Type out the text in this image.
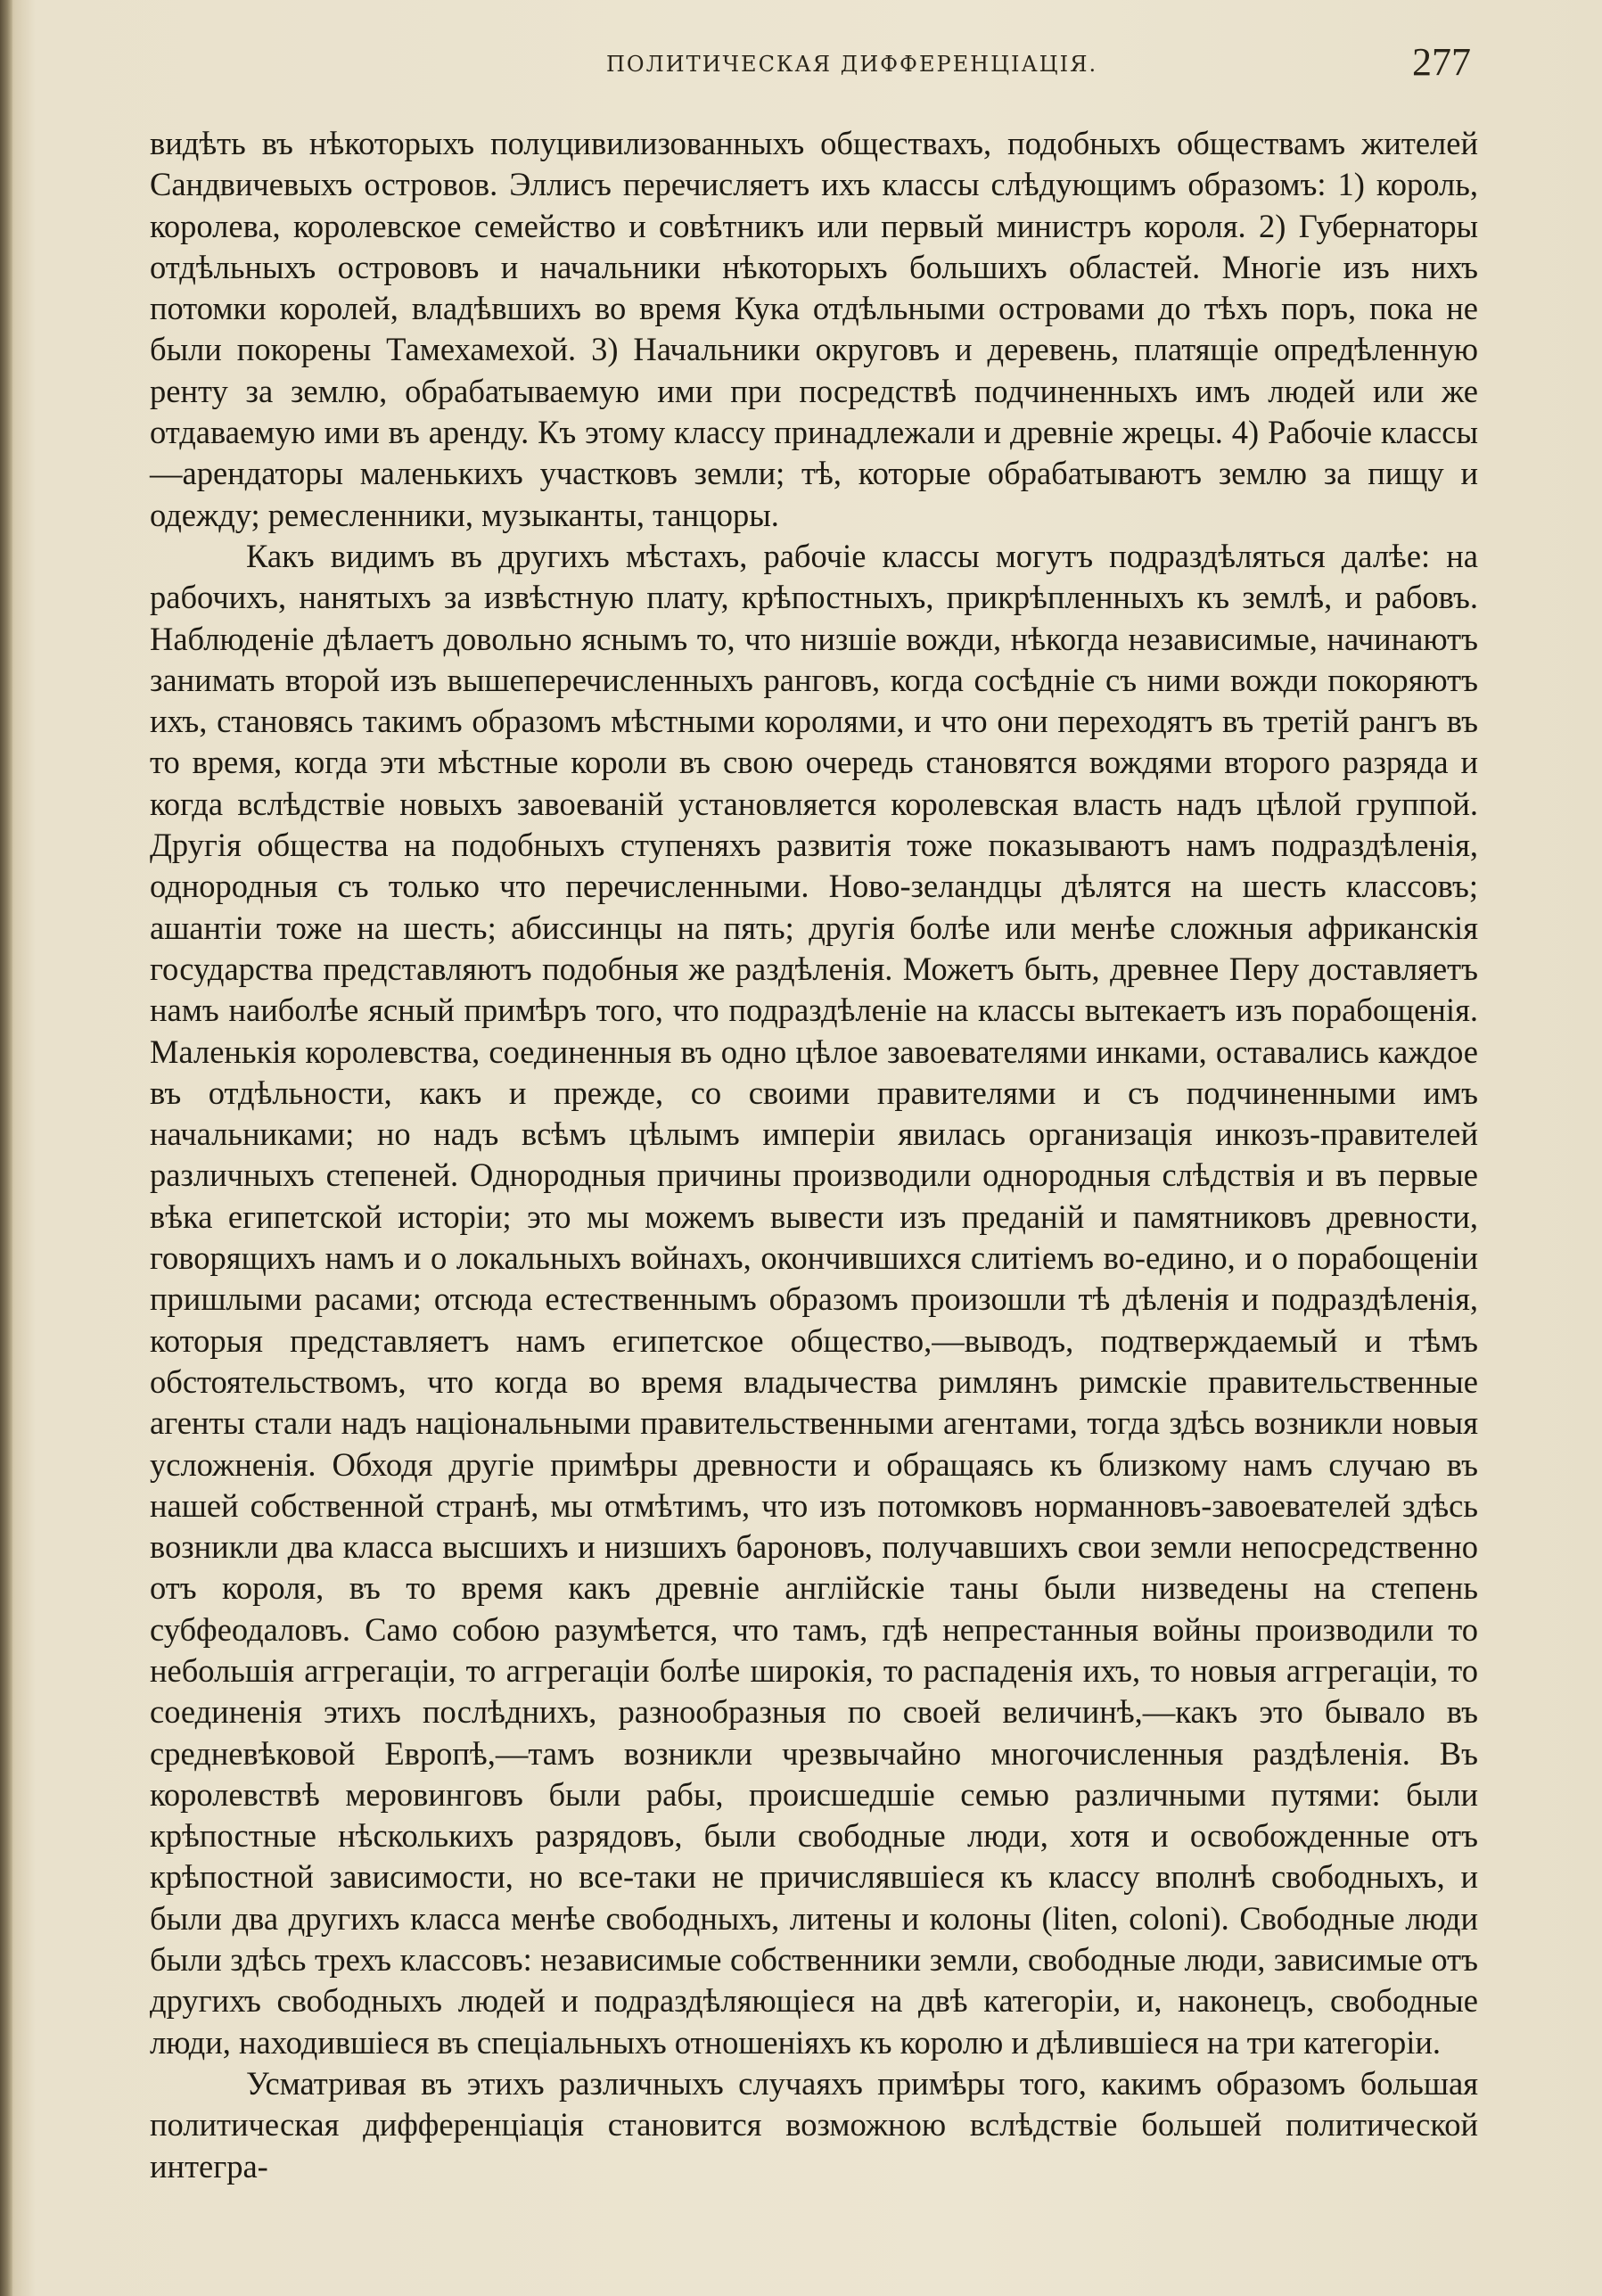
ПОЛИТИЧЕСКАЯ ДИФФЕРЕНЦІАЦІЯ.	277

видѣть въ нѣкоторыхъ полуцивилизованныхъ обществахъ, подобныхъ обществамъ жителей Сандвичевыхъ островов. Эллисъ перечисляетъ ихъ классы слѣдующимъ образомъ: 1) король, королева, королевское семейство и совѣтникъ или первый министръ короля. 2) Губернаторы отдѣльныхъ острововъ и начальники нѣкоторыхъ большихъ областей. Многіе изъ нихъ потомки королей, владѣвшихъ во время Кука отдѣльными островами до тѣхъ поръ, пока не были покорены Тамехамехой. 3) Начальники округовъ и деревень, платящіе опредѣленную ренту за землю, обрабатываемую ими при посредствѣ подчиненныхъ имъ людей или же отдаваемую ими въ аренду. Къ этому классу принадлежали и древніе жрецы. 4) Рабочіе классы—арендаторы маленькихъ участковъ земли; тѣ, которые обрабатываютъ землю за пищу и одежду; ремесленники, музыканты, танцоры.

Какъ видимъ въ другихъ мѣстахъ, рабочіе классы могутъ подраздѣляться далѣе: на рабочихъ, нанятыхъ за извѣстную плату, крѣпостныхъ, прикрѣпленныхъ къ землѣ, и рабовъ. Наблюденіе дѣлаетъ довольно яснымъ то, что низшіе вожди, нѣкогда независимые, начинаютъ занимать второй изъ вышеперечисленныхъ ранговъ, когда сосѣдніе съ ними вожди покоряютъ ихъ, становясь такимъ образомъ мѣстными королями, и что они переходятъ въ третій рангъ въ то время, когда эти мѣстные короли въ свою очередь становятся вождями второго разряда и когда вслѣдствіе новыхъ завоеваній установляется королевская власть надъ цѣлой группой. Другія общества на подобныхъ ступеняхъ развитія тоже показываютъ намъ подраздѣленія, однородныя съ только что перечисленными. Ново-зеландцы дѣлятся на шесть классовъ; ашантіи тоже на шесть; абиссинцы на пять; другія болѣе или менѣе сложныя африканскія государства представляютъ подобныя же раздѣленія. Можетъ быть, древнее Перу доставляетъ намъ наиболѣе ясный примѣръ того, что подраздѣленіе на классы вытекаетъ изъ порабощенія. Маленькія королевства, соединенныя въ одно цѣлое завоевателями инками, оставались каждое въ отдѣльности, какъ и прежде, со своими правителями и съ подчиненными имъ начальниками; но надъ всѣмъ цѣлымъ имперіи явилась организація инкозъ-правителей различныхъ степеней. Однородныя причины производили однородныя слѣдствія и въ первые вѣка египетской исторіи; это мы можемъ вывести изъ преданій и памятниковъ древности, говорящихъ намъ и о локальныхъ войнахъ, окончившихся слитіемъ во-едино, и о порабощеніи пришлыми расами; отсюда естественнымъ образомъ произошли тѣ дѣленія и подраздѣленія, которыя представляетъ намъ египетское общество,—выводъ, подтверждаемый и тѣмъ обстоятельствомъ, что когда во время владычества римлянъ римскіе правительственные агенты стали надъ національными правительственными агентами, тогда здѣсь возникли новыя усложненія. Обходя другіе примѣры древности и обращаясь къ близкому намъ случаю въ нашей собственной странѣ, мы отмѣтимъ, что изъ потомковъ норманновъ-завоевателей здѣсь возникли два класса высшихъ и низшихъ бароновъ, получавшихъ свои земли непосредственно отъ короля, въ то время какъ древніе англійскіе таны были низведены на степень субфеодаловъ. Само собою разумѣется, что тамъ, гдѣ непрестанныя войны производили то небольшія аггрегаціи, то аггрегаціи болѣе широкія, то распаденія ихъ, то новыя аггрегаціи, то соединенія этихъ послѣднихъ, разнообразныя по своей величинѣ,—какъ это бывало въ средневѣковой Европѣ,—тамъ возникли чрезвычайно многочисленныя раздѣленія. Въ королевствѣ меровинговъ были рабы, происшедшіе семью различными путями: были крѣпостные нѣсколькихъ разрядовъ, были свободные люди, хотя и освобожденные отъ крѣпостной зависимости, но все-таки не причислявшіеся къ классу вполнѣ свободныхъ, и были два другихъ класса менѣе свободныхъ, литены и колоны (liten, coloni). Свободные люди были здѣсь трехъ классовъ: независимые собственники земли, свободные люди, зависимые отъ другихъ свободныхъ людей и подраздѣляющіеся на двѣ категоріи, и, наконецъ, свободные люди, находившіеся въ спеціальныхъ отношеніяхъ къ королю и дѣлившіеся на три категоріи.

Усматривая въ этихъ различныхъ случаяхъ примѣры того, какимъ образомъ большая политическая дифференціація становится возможною вслѣдствіе большей политической интегра-
